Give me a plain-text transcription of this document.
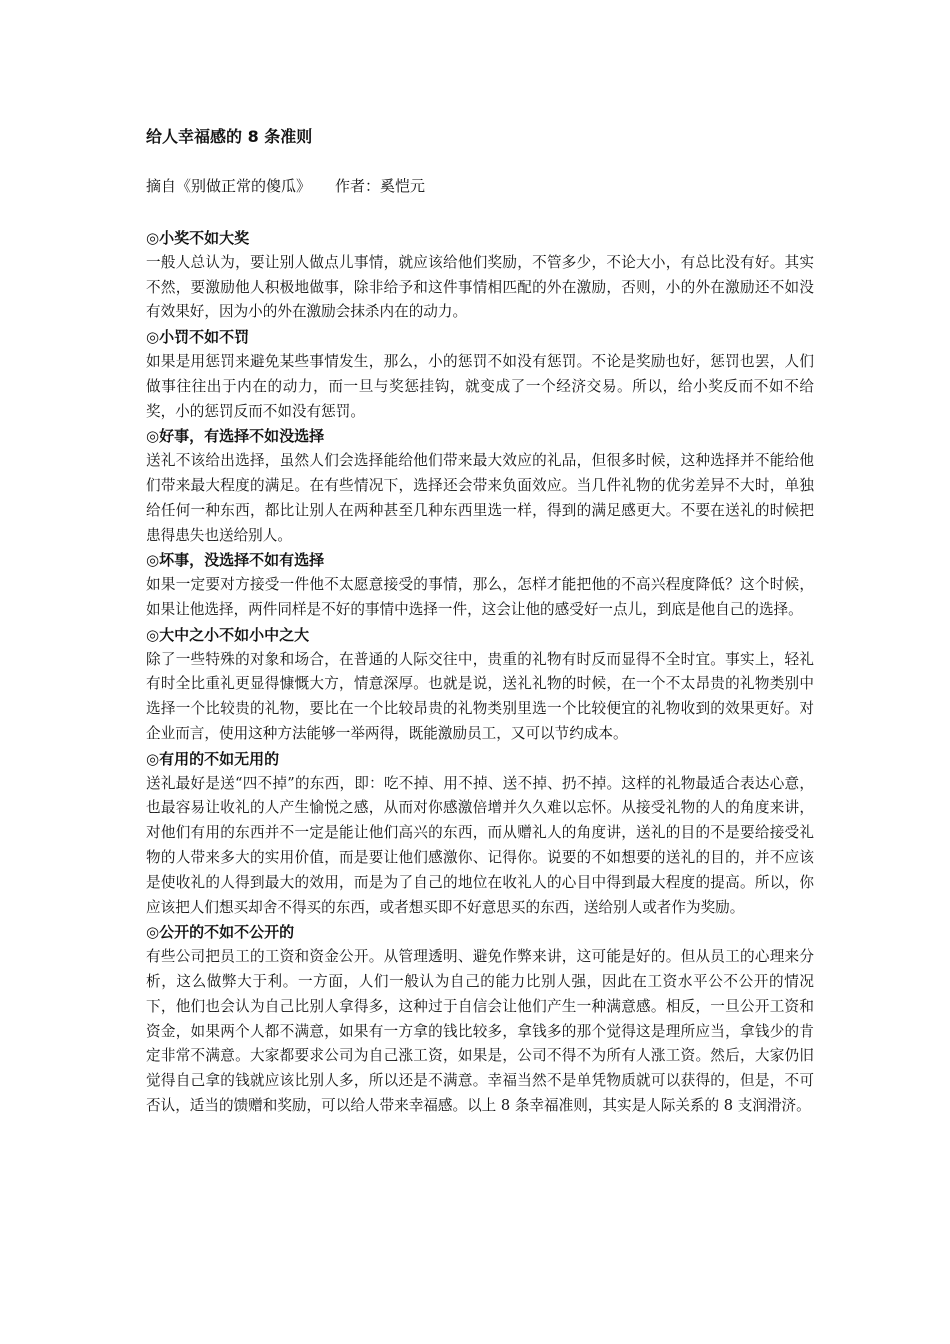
给人幸福感的 8 条准则
摘自《别做正常的傻瓜》 作者：奚恺元

◎小奖不如大奖

一般人总认为，要让别人做点儿事情，就应该给他们奖励，不管多少，不论大小，有总比没有好。其实不然，要激励他人积极地做事，除非给予和这件事情相匹配的外在激励，否则，小的外在激励还不如没有效果好，因为小的外在激励会抹杀内在的动力。

◎小罚不如不罚

如果是用惩罚来避免某些事情发生，那么，小的惩罚不如没有惩罚。不论是奖励也好，惩罚也罢，人们做事往往出于内在的动力，而一旦与奖惩挂钩，就变成了一个经济交易。所以，给小奖反而不如不给奖，小的惩罚反而不如没有惩罚。

◎好事，有选择不如没选择

送礼不该给出选择，虽然人们会选择能给他们带来最大效应的礼品，但很多时候，这种选择并不能给他们带来最大程度的满足。在有些情况下，选择还会带来负面效应。当几件礼物的优劣差异不大时，单独给任何一种东西，都比让别人在两种甚至几种东西里选一样，得到的满足感更大。不要在送礼的时候把患得患失也送给别人。

◎坏事，没选择不如有选择

如果一定要对方接受一件他不太愿意接受的事情，那么，怎样才能把他的不高兴程度降低？这个时候，如果让他选择，两件同样是不好的事情中选择一件，这会让他的感受好一点儿，到底是他自己的选择。

◎大中之小不如小中之大

除了一些特殊的对象和场合，在普通的人际交往中，贵重的礼物有时反而显得不全时宜。事实上，轻礼有时全比重礼更显得慷慨大方，情意深厚。也就是说，送礼礼物的时候，在一个不太昂贵的礼物类别中选择一个比较贵的礼物，要比在一个比较昂贵的礼物类别里选一个比较便宜的礼物收到的效果更好。对企业而言，使用这种方法能够一举两得，既能激励员工，又可以节约成本。

◎有用的不如无用的

送礼最好是送“四不掉”的东西，即：吃不掉、用不掉、送不掉、扔不掉。这样的礼物最适合表达心意，也最容易让收礼的人产生愉悦之感，从而对你感激倍增并久久难以忘怀。从接受礼物的人的角度来讲，对他们有用的东西并不一定是能让他们高兴的东西，而从赠礼人的角度讲，送礼的目的不是要给接受礼物的人带来多大的实用价值，而是要让他们感激你、记得你。说要的不如想要的送礼的目的，并不应该是使收礼的人得到最大的效用，而是为了自己的地位在收礼人的心目中得到最大程度的提高。所以，你应该把人们想买却舍不得买的东西，或者想买即不好意思买的东西，送给别人或者作为奖励。

◎公开的不如不公开的

有些公司把员工的工资和资金公开。从管理透明、避免作弊来讲，这可能是好的。但从员工的心理来分析，这么做弊大于利。一方面，人们一般认为自己的能力比别人强，因此在工资水平公不公开的情况下，他们也会认为自己比别人拿得多，这种过于自信会让他们产生一种满意感。相反，一旦公开工资和资金，如果两个人都不满意，如果有一方拿的钱比较多，拿钱多的那个觉得这是理所应当，拿钱少的肯定非常不满意。大家都要求公司为自己涨工资，如果是，公司不得不为所有人涨工资。然后，大家仍旧觉得自己拿的钱就应该比别人多，所以还是不满意。幸福当然不是单凭物质就可以获得的，但是，不可否认，适当的馈赠和奖励，可以给人带来幸福感。以上 8 条幸福准则，其实是人际关系的 8 支润滑济。
